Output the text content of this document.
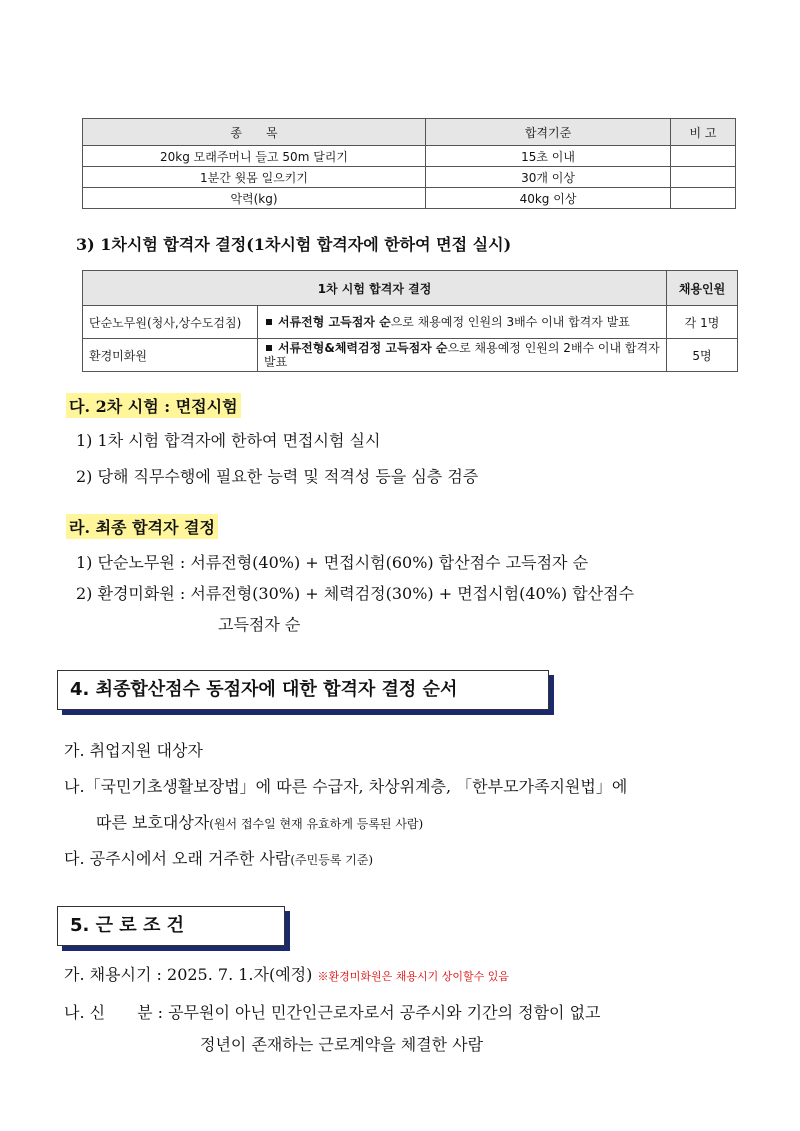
종　　목	합격기준	비 고
20kg 모래주머니 들고 50m 달리기	15초 이내	
1분간 윗몸 일으키기	30개 이상	
악력(kg)	40kg 이상	
3) 1차시험 합격자 결정(1차시험 합격자에 한하여 면접 실시)
1차 시험 합격자 결정		채용인원
단순노무원(청사,상수도검침)	서류전형 고득점자 순으로 채용예정 인원의 3배수 이내 합격자 발표	각 1명
환경미화원	서류전형&체력검정 고득점자 순으로 채용예정 인원의 2배수 이내 합격자 발표	5명
다. 2차 시험 : 면접시험
1) 1차 시험 합격자에 한하여 면접시험 실시
2) 당해 직무수행에 필요한 능력 및 적격성 등을 심층 검증
라. 최종 합격자 결정
1) 단순노무원 : 서류전형(40%) + 면접시험(60%) 합산점수 고득점자 순
2) 환경미화원 : 서류전형(30%) + 체력검정(30%) + 면접시험(40%) 합산점수
고득점자 순
4. 최종합산점수 동점자에 대한 합격자 결정 순서
가. 취업지원 대상자
나.「국민기초생활보장법」에 따른 수급자, 차상위계층, 「한부모가족지원법」에
따른 보호대상자(원서 접수일 현재 유효하게 등록된 사람)
다. 공주시에서 오래 거주한 사람(주민등록 기준)
5. 근 로 조 건
가. 채용시기 : 2025. 7. 1.자(예정) ※환경미화원은 채용시기 상이할수 있음
나. 신　　분 : 공무원이 아닌 민간인근로자로서 공주시와 기간의 정함이 없고
정년이 존재하는 근로계약을 체결한 사람
